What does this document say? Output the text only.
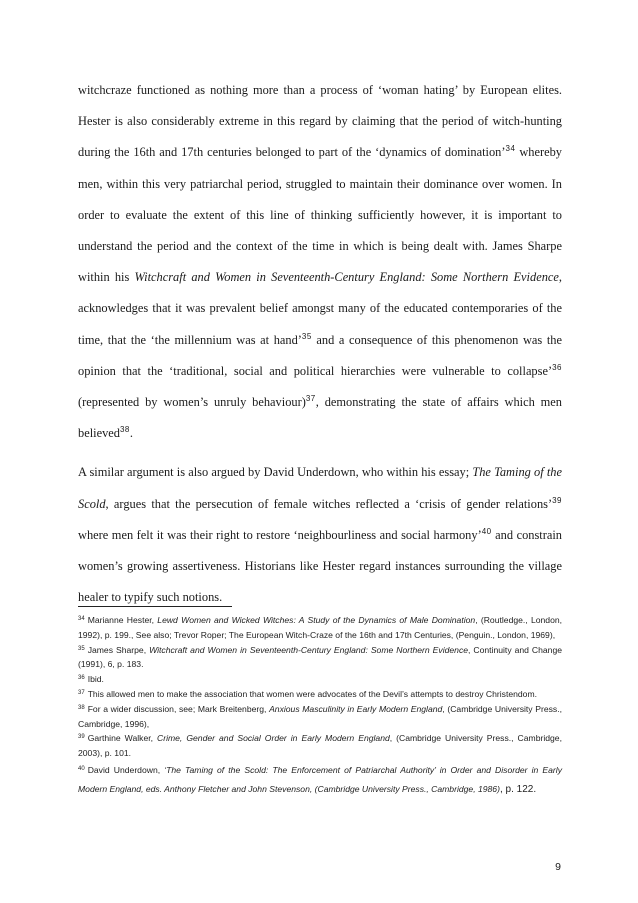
witchcraze functioned as nothing more than a process of ‘woman hating’ by European elites. Hester is also considerably extreme in this regard by claiming that the period of witch-hunting during the 16th and 17th centuries belonged to part of the ‘dynamics of domination’$^{34}$ whereby men, within this very patriarchal period, struggled to maintain their dominance over women. In order to evaluate the extent of this line of thinking sufficiently however, it is important to understand the period and the context of the time in which is being dealt with. James Sharpe within his Witchcraft and Women in Seventeenth-Century England: Some Northern Evidence, acknowledges that it was prevalent belief amongst many of the educated contemporaries of the time, that the ‘the millennium was at hand’$^{35}$ and a consequence of this phenomenon was the opinion that the ‘traditional, social and political hierarchies were vulnerable to collapse’$^{36}$ (represented by women’s unruly behaviour)$^{37}$, demonstrating the state of affairs which men believed$^{38}$.

A similar argument is also argued by David Underdown, who within his essay; The Taming of the Scold, argues that the persecution of female witches reflected a ‘crisis of gender relations’$^{39}$ where men felt it was their right to restore ‘neighbourliness and social harmony’$^{40}$ and constrain women’s growing assertiveness. Historians like Hester regard instances surrounding the village healer to typify such notions.

$^{34}$ Marianne Hester, Lewd Women and Wicked Witches: A Study of the Dynamics of Male Domination, (Routledge., London, 1992), p. 199., See also; Trevor Roper; The European Witch-Craze of the 16th and 17th Centuries, (Penguin., London, 1969),

$^{35}$ James Sharpe, Witchcraft and Women in Seventeenth-Century England: Some Northern Evidence, Continuity and Change (1991), 6, p. 183.

$^{36}$ Ibid.

$^{37}$ This allowed men to make the association that women were advocates of the Devil’s attempts to destroy Christendom.

$^{38}$ For a wider discussion, see; Mark Breitenberg, Anxious Masculinity in Early Modern England, (Cambridge University Press., Cambridge, 1996),

$^{39}$ Garthine Walker, Crime, Gender and Social Order in Early Modern England, (Cambridge University Press., Cambridge, 2003), p. 101.

$^{40}$ David Underdown, ‘The Taming of the Scold: The Enforcement of Patriarchal Authority’ in Order and Disorder in Early Modern England, eds. Anthony Fletcher and John Stevenson, (Cambridge University Press., Cambridge, 1986), p. 122.

9
